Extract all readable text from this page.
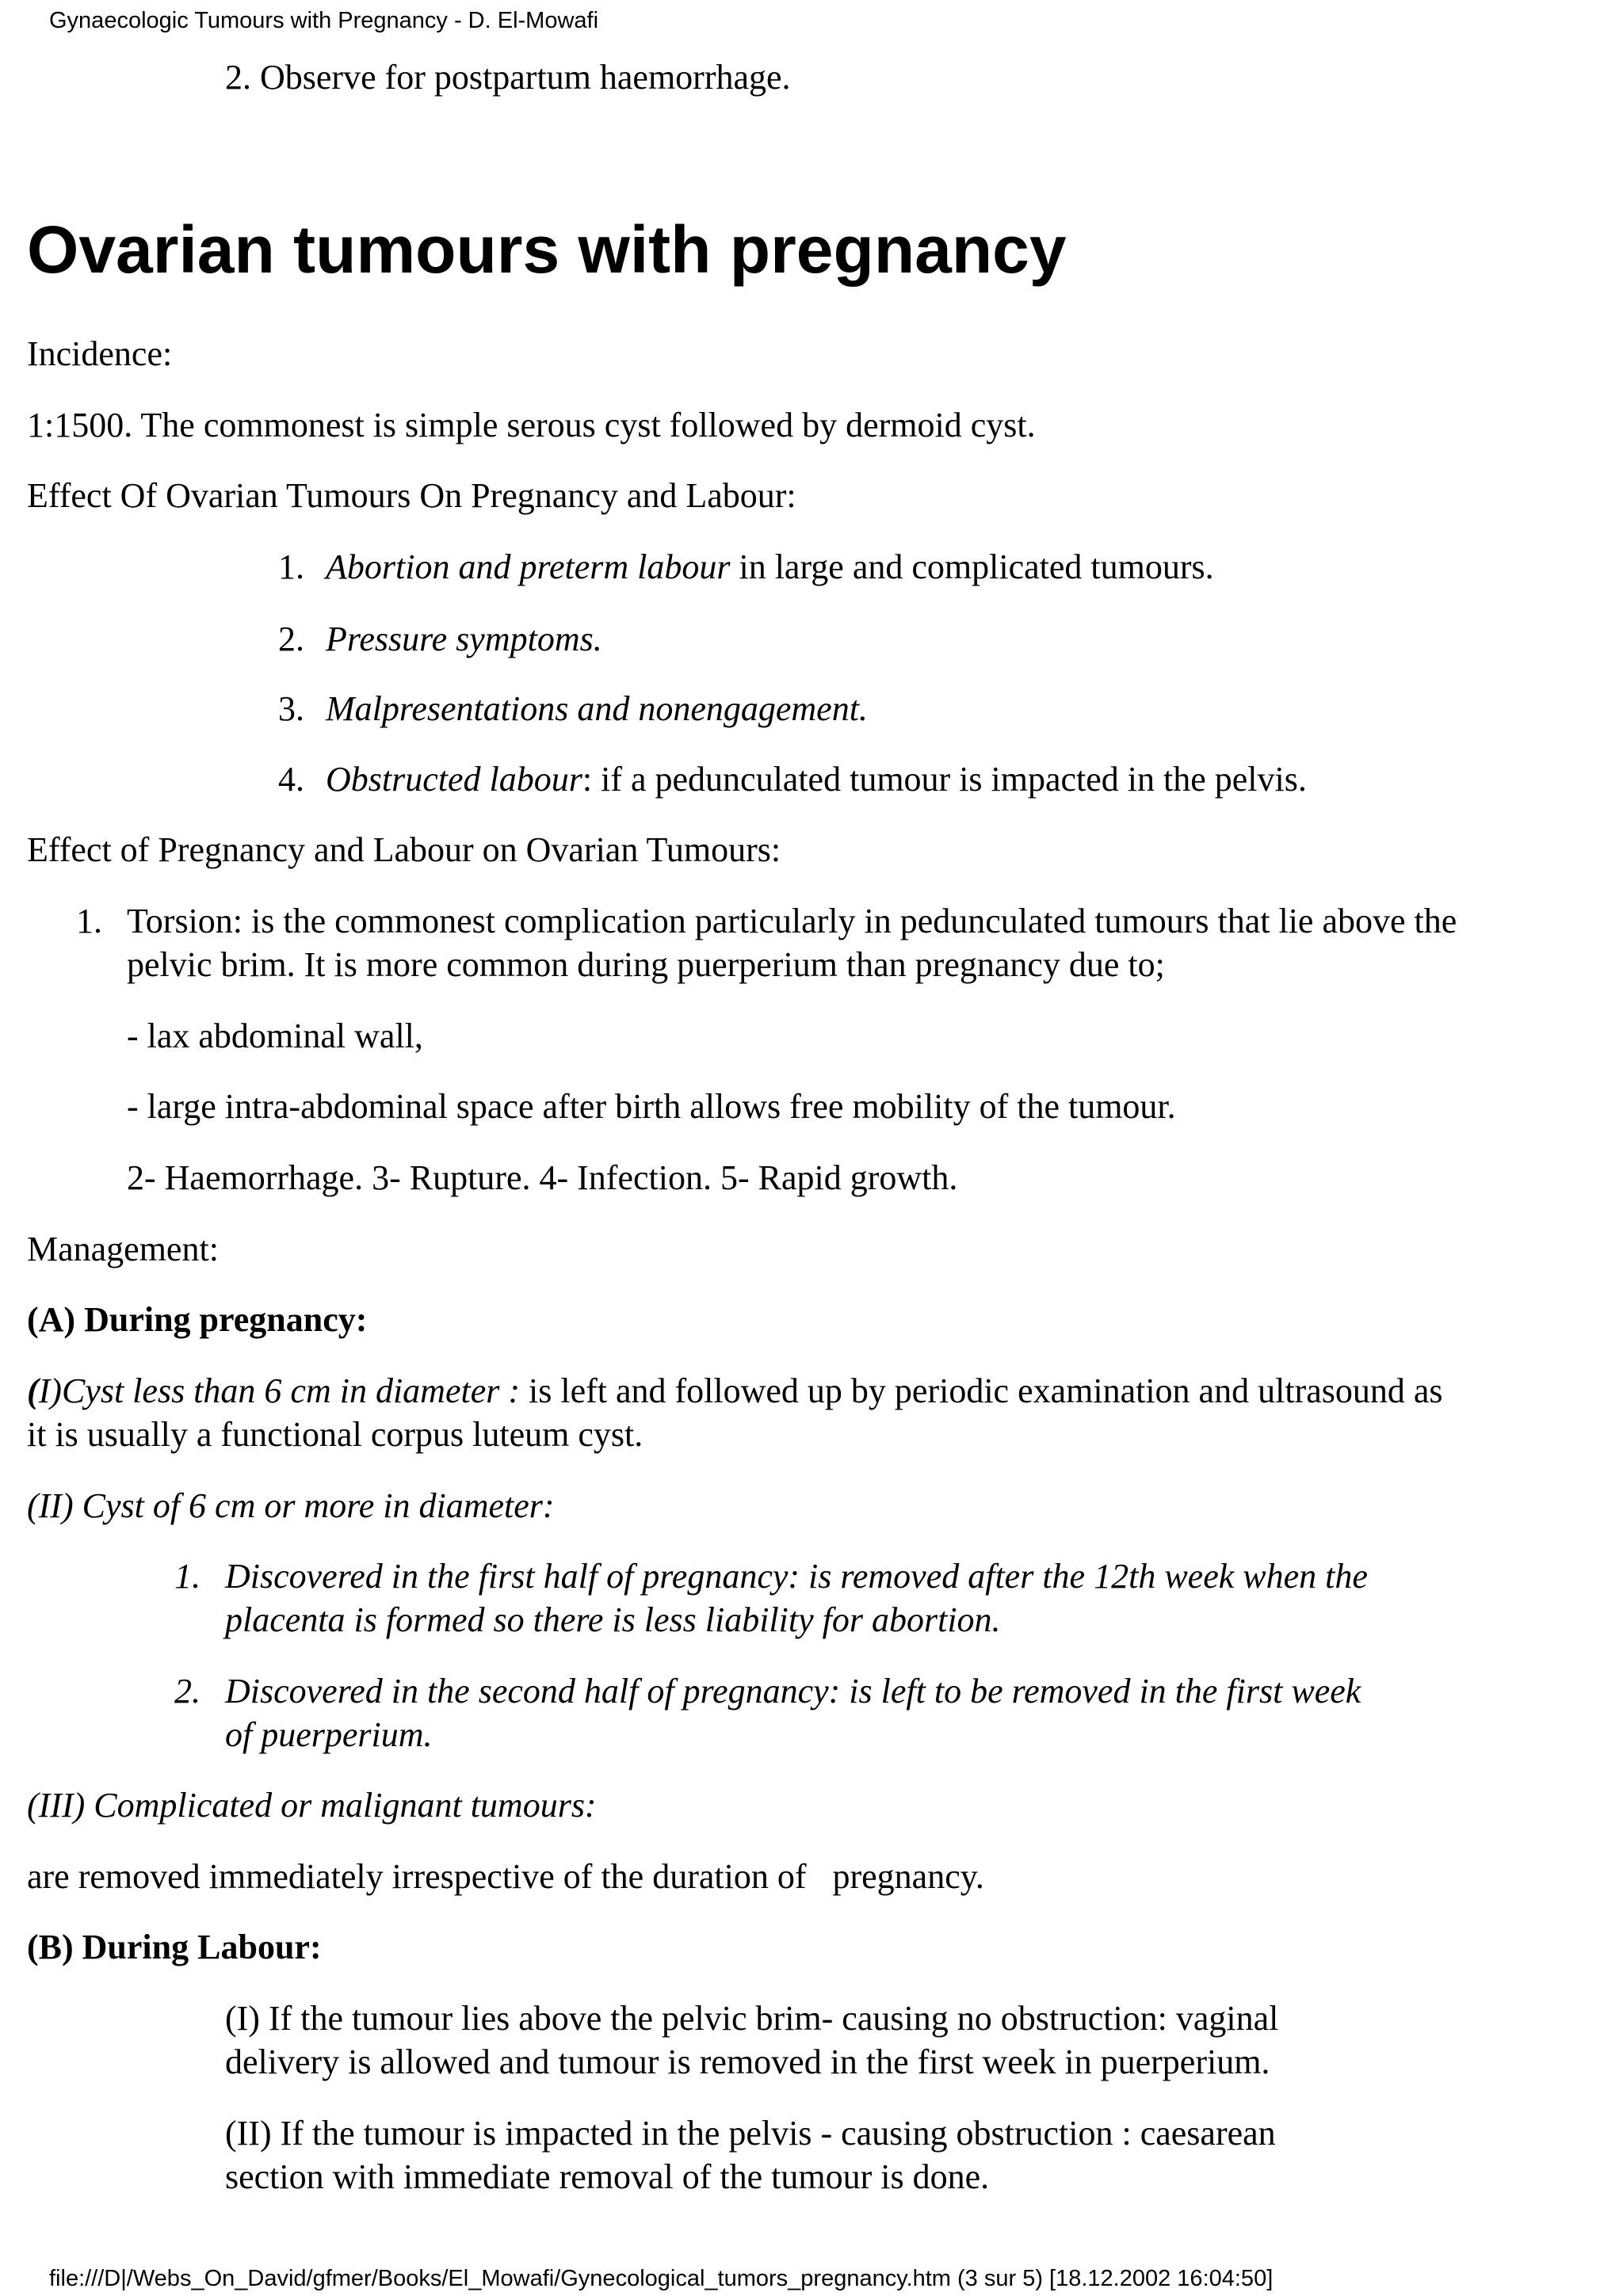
Gynaecologic Tumours with Pregnancy - D. El-Mowafi
2. Observe for postpartum haemorrhage.
Ovarian tumours with pregnancy
Incidence:
1:1500. The commonest is simple serous cyst followed by dermoid cyst.
Effect Of Ovarian Tumours On Pregnancy and Labour:
1. Abortion and preterm labour in large and complicated tumours.
2. Pressure symptoms.
3. Malpresentations and nonengagement.
4. Obstructed labour: if a pedunculated tumour is impacted in the pelvis.
Effect of Pregnancy and Labour on Ovarian Tumours:
1. Torsion: is the commonest complication particularly in pedunculated tumours that lie above the
pelvic brim. It is more common during puerperium than pregnancy due to;
- lax abdominal wall,
- large intra-abdominal space after birth allows free mobility of the tumour.
2- Haemorrhage. 3- Rupture. 4- Infection. 5- Rapid growth.
Management:
(A) During pregnancy:
(I)Cyst less than 6 cm in diameter : is left and followed up by periodic examination and ultrasound as
it is usually a functional corpus luteum cyst.
(II) Cyst of 6 cm or more in diameter:
1. Discovered in the first half of pregnancy: is removed after the 12th week when the
placenta is formed so there is less liability for abortion.
2. Discovered in the second half of pregnancy: is left to be removed in the first week
of puerperium.
(III) Complicated or malignant tumours:
are removed immediately irrespective of the duration of   pregnancy.
(B) During Labour:
(I) If the tumour lies above the pelvic brim- causing no obstruction: vaginal
delivery is allowed and tumour is removed in the first week in puerperium.
(II) If the tumour is impacted in the pelvis - causing obstruction : caesarean
section with immediate removal of the tumour is done.
file:///D|/Webs_On_David/gfmer/Books/El_Mowafi/Gynecological_tumors_pregnancy.htm (3 sur 5) [18.12.2002 16:04:50]
